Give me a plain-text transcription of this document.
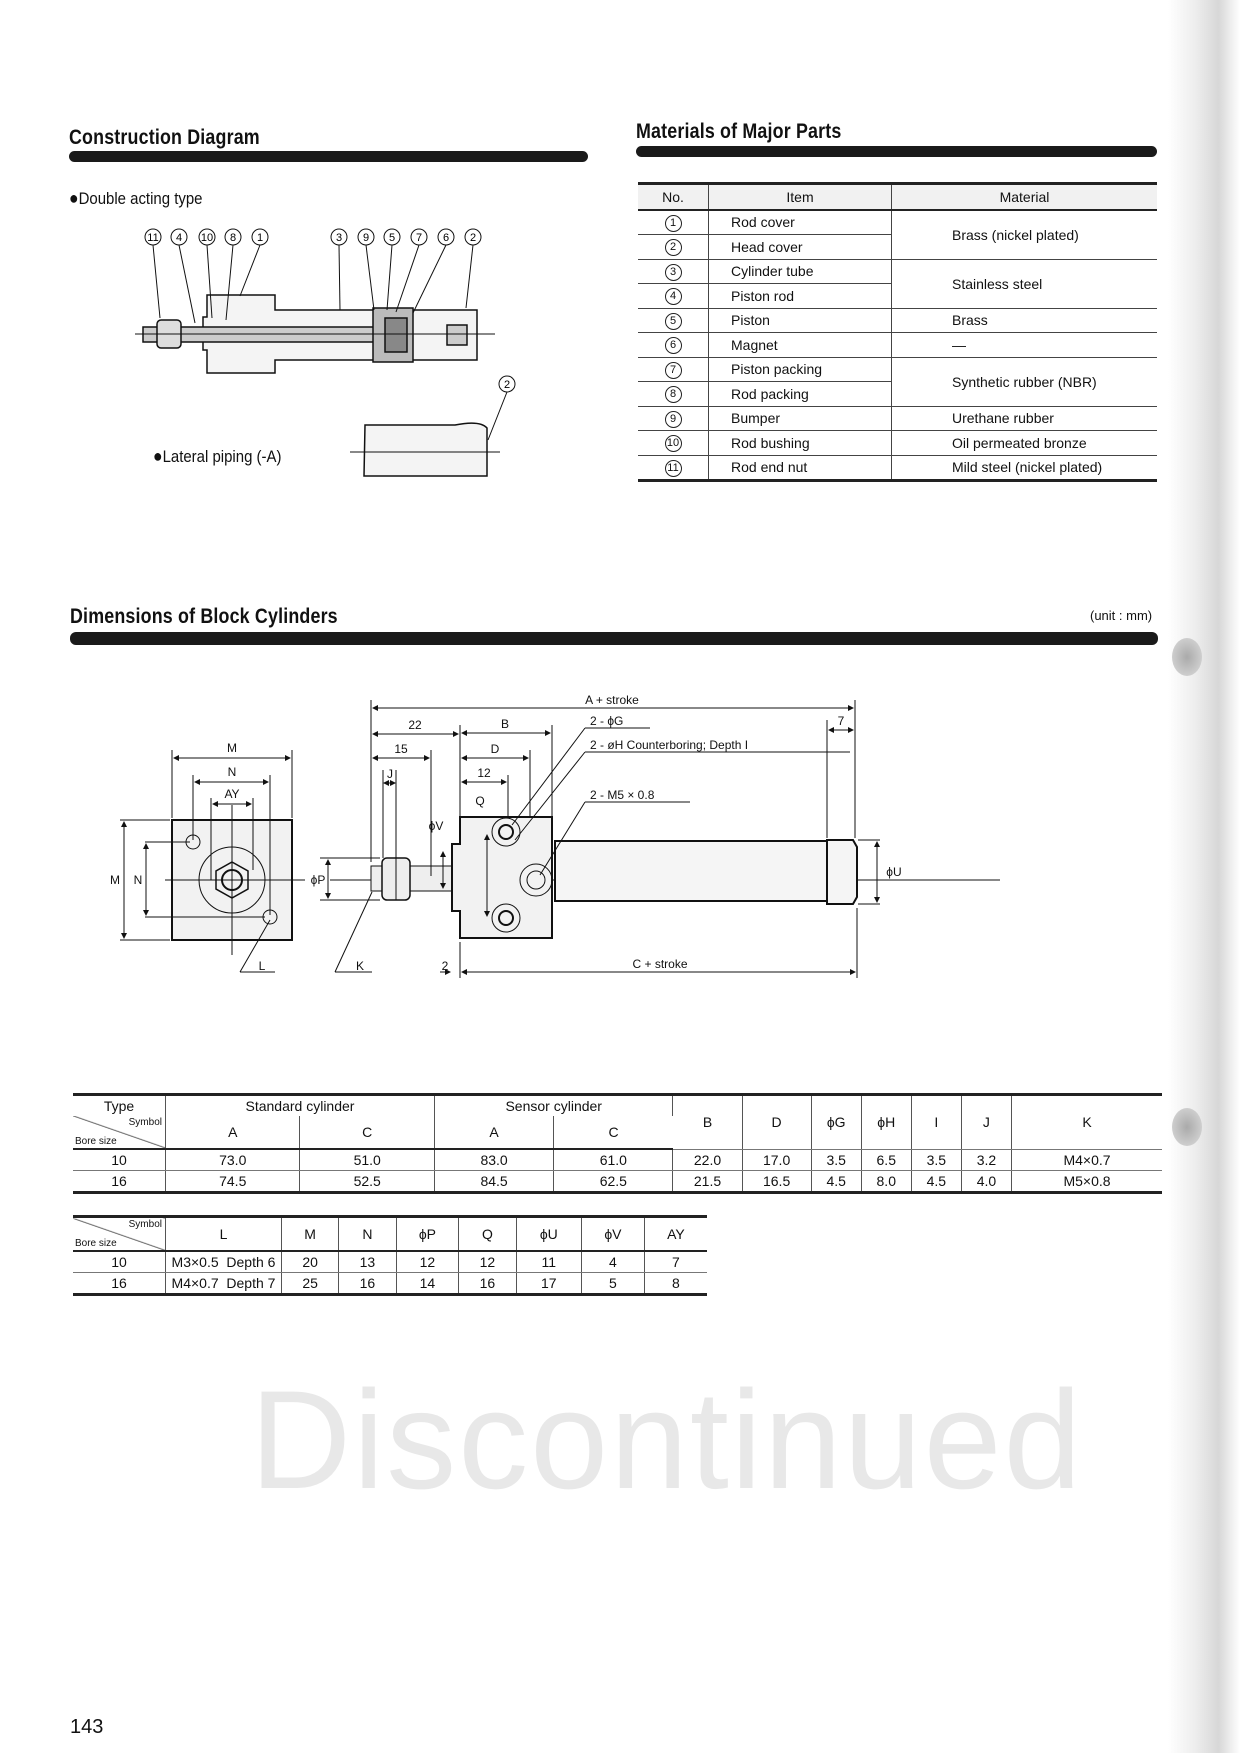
Construction Diagram
●Double acting type
●Lateral piping (-A)
11 4 10 8 1	3 9 5 7 6 2
2
Materials of Major Parts
No.	Item	Material
1	Rod cover	Brass (nickel plated)
2	Head cover	
3	Cylinder tube	Stainless steel
4	Piston rod	
5	Piston	Brass
6	Magnet	—
7	Piston packing	Synthetic rubber (NBR)
8	Rod packing	
9	Bumper	Urethane rubber
10	Rod bushing	Oil permeated bronze
11	Rod end nut	Mild steel (nickel plated)
Dimensions of Block Cylinders	(unit : mm)
Discontinued
M
N
AY
M N
L	K
ϕP
ϕV
ϕU
Q
J
15
22
12
2
7
B
D
A + stroke
C + stroke
2 - ϕG
2 - øH Counterboring; Depth I
2 - M5 × 0.8
Type	Standard cylinder		Sensor cylinder		B	D	ϕG	ϕH	I	J	K

Symbol
Bore size	A	C	A	C							
10	73.0	51.0	83.0	61.0	22.0	17.0	3.5	6.5	3.5	3.2	M4×0.7
16	74.5	52.5	84.5	62.5	21.5	16.5	4.5	8.0	4.5	4.0	M5×0.8
Symbol
Bore size	L	M	N	ϕP	Q	ϕU	ϕV	AY
10	M3×0.5  Depth 6	20	13	12	12	11	4	7
16	M4×0.7  Depth 7	25	16	14	16	17	5	8
143
